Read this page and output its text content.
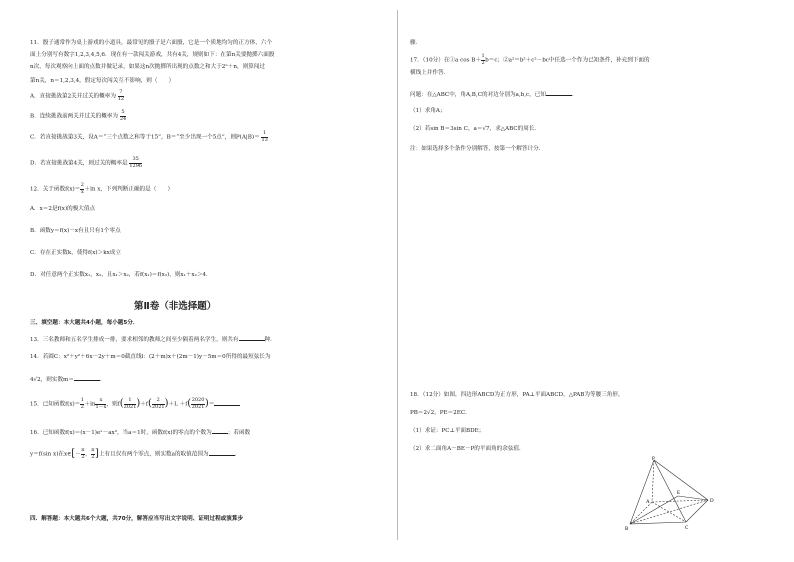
11．骰子通常作为桌上游戏的小道具，最常见的骰子是六面骰，它是一个质地均匀的正方体，六个
面上分别写有数字1,2,3,4,5,6．现在有一款闯关游戏，共有4关，规则如下：在第n关要抛掷六面骰
n次，每次观察向上面的点数并做记录，如果这n次抛掷所出现的点数之和大于2ⁿ＋n，则算闯过
第n关，n＝1,2,3,4，假定每次闯关互不影响，则（　　）
A．直接挑战第2关并过关的概率为 $\frac{7}{12}$
B．连续挑战前两关并过关的概率为 $\frac{5}{24}$
C．若直接挑战第3关，设A＝“三个点数之和等于15”，B＝“至少出现一个5点”，则$P(A|B)= \frac{1}{13}$
D．若直接挑战第4关，则过关的概率是 $\frac{35}{1296}$
12．关于函数$f(x)= \frac{2}{x} +\ln$ x，下列判断正确的是（　　）
A．x＝2是f(x)的极大值点
B．函数y＝f(x)－x有且只有1个零点
C．存在正实数k，使得f(x)＞kx成立
D．对任意两个正实数x₁，x₂，且x₁＞x₂，若f(x₁)＝f(x₂)，则x₁＋x₂＞4．
第Ⅱ卷（非选择题）
三、填空题：本大题共4小题，每小题5分．
13．三名教师和五名学生排成一排，要求相邻的教师之间至少隔着两名学生，则共有	种．
14．若圆C：x²＋y²＋6x－2y＋m＝0截直线l：(2＋m)x＋(2m－1)y－5m＝0所得的最短弦长为
4√2，则实数m＝	．
15．已知函数$f(x)= \frac{1}{2} +\ln \frac{x}{1-x}$ ，则$f( \frac{1}{2021} )+f( \frac{2}{2021} )+L +f( \frac{2020}{2021}$ )＝
16．已知函数f(x)＝(x－1)eˣ－ax²，当a＝1时，函数f(x)的零点的个数为	；若函数
y＝f(sin x)在x∈[－ $\frac{\pi}{2}$ ， $\frac{\pi}{2}$ ]上有且仅有两个零点，则实数a的取值范围为	．
四．解答题：本大题共6个大题，共70分，解答应当写出文字说明、证明过程或演算步
骤．
17．（10分）在①a $\cos B+ \frac{1}{2} b=c$；②a²＝b²＋c²－bc中任选一个作为已知条件，补充到下面的
横线上并作答．
问题：在△ABC中，角A,B,C的对边分别为a,b,c，已知	．
（1）求角A；
（2）若sin B＝3sin C，a＝√7，求△ABC的周长．
注：如果选择多个条件分别解答，按第一个解答计分．
18．（12分）如图，四边形ABCD为正方形，PA⊥平面ABCD，△PAB为等腰三角形，
PB＝2√2，PE＝2EC．
（1）求证：PC⊥平面BDE；
（2）求二面角A－BE－P的平面角的余弦值．
P
A
B	C
D
E
